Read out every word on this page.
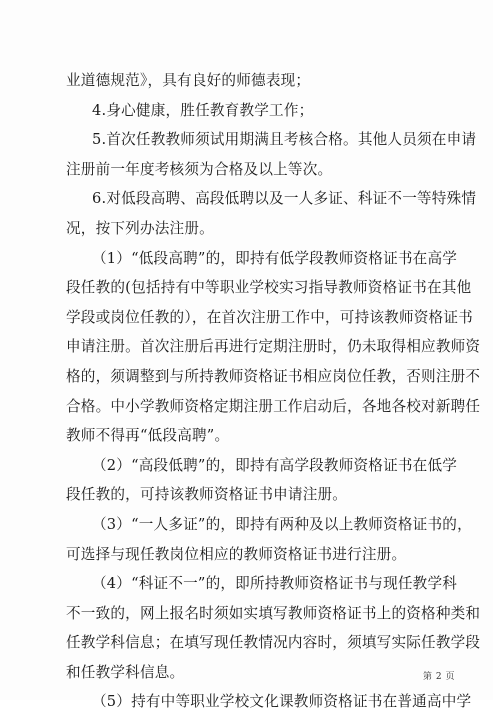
业道德规范》，具有良好的师德表现；
4.身心健康，胜任教育教学工作；
5.首次任教教师须试用期满且考核合格。其他人员须在申请
注册前一年度考核须为合格及以上等次。
6.对低段高聘、高段低聘以及一人多证、科证不一等特殊情
况，按下列办法注册。
（1）“低段高聘”的，即持有低学段教师资格证书在高学
段任教的(包括持有中等职业学校实习指导教师资格证书在其他
学段或岗位任教的），在首次注册工作中，可持该教师资格证书
申请注册。首次注册后再进行定期注册时，仍未取得相应教师资
格的，须调整到与所持教师资格证书相应岗位任教，否则注册不
合格。中小学教师资格定期注册工作启动后，各地各校对新聘任
教师不得再“低段高聘”。
（2）“高段低聘”的，即持有高学段教师资格证书在低学
段任教的，可持该教师资格证书申请注册。
（3）“一人多证”的，即持有两种及以上教师资格证书的，
可选择与现任教岗位相应的教师资格证书进行注册。
（4）“科证不一”的，即所持教师资格证书与现任教学科
不一致的，网上报名时须如实填写教师资格证书上的资格种类和
任教学科信息；在填写现任教情况内容时，须填写实际任教学段
和任教学科信息。
（5）持有中等职业学校文化课教师资格证书在普通高中学
第 2 页
